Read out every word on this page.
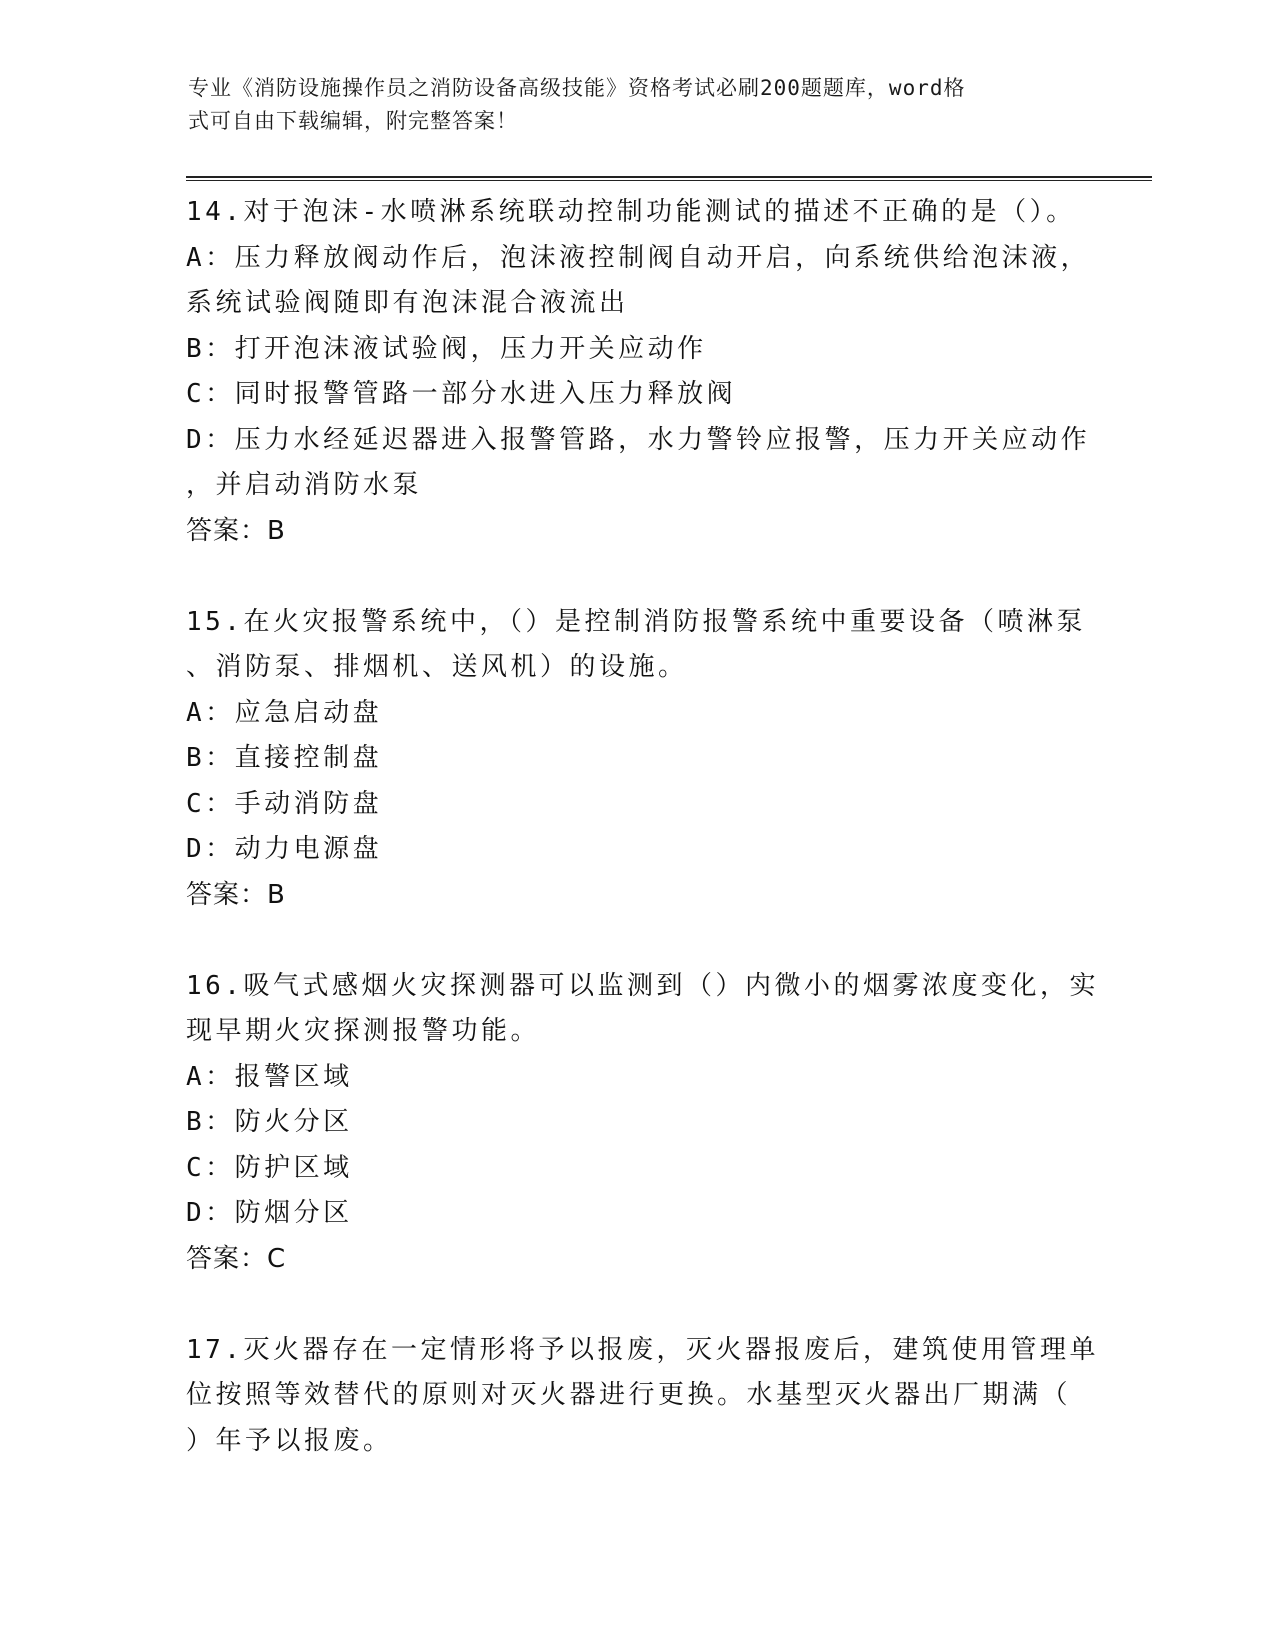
专业《消防设施操作员之消防设备高级技能》资格考试必刷200题题库，word格
式可自由下载编辑，附完整答案！
14.对于泡沫-水喷淋系统联动控制功能测试的描述不正确的是（）。
A：压力释放阀动作后，泡沫液控制阀自动开启，向系统供给泡沫液，
系统试验阀随即有泡沫混合液流出
B：打开泡沫液试验阀，压力开关应动作
C：同时报警管路一部分水进入压力释放阀
D：压力水经延迟器进入报警管路，水力警铃应报警，压力开关应动作
，并启动消防水泵
答案：B
15.在火灾报警系统中，（）是控制消防报警系统中重要设备（喷淋泵
、消防泵、排烟机、送风机）的设施。
A：应急启动盘
B：直接控制盘
C：手动消防盘
D：动力电源盘
答案：B
16.吸气式感烟火灾探测器可以监测到（）内微小的烟雾浓度变化，实
现早期火灾探测报警功能。
A：报警区域
B：防火分区
C：防护区域
D：防烟分区
答案：C
17.灭火器存在一定情形将予以报废，灭火器报废后，建筑使用管理单
位按照等效替代的原则对灭火器进行更换。水基型灭火器出厂期满（
）年予以报废。
